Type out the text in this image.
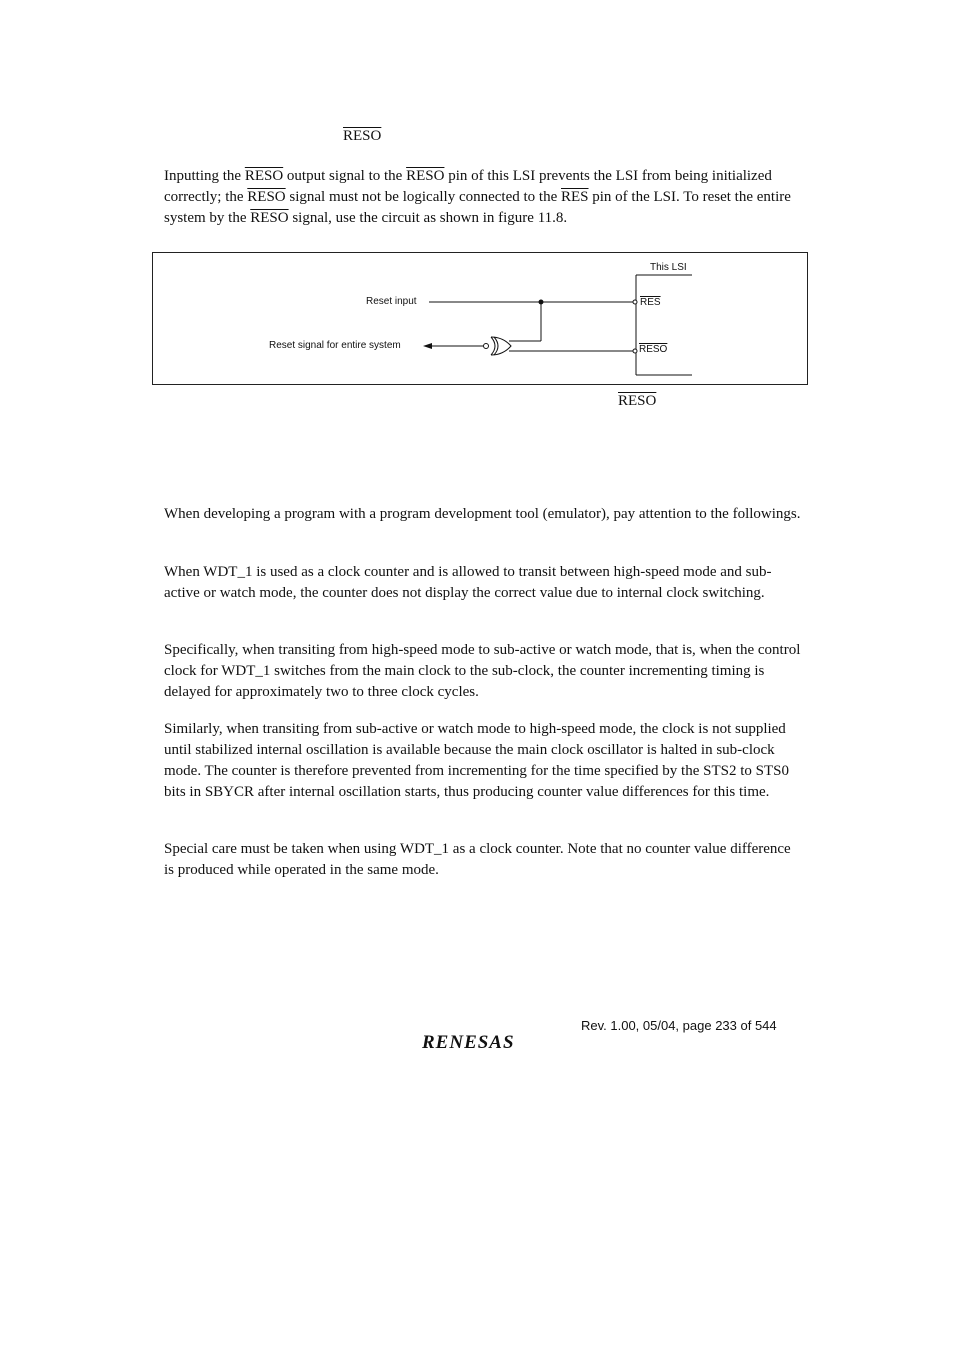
RESO

Inputting the RESO output signal to the RESO pin of this LSI prevents the LSI from being initialized correctly; the RESO signal must not be logically connected to the $\overline{RES}$ pin of the LSI. To reset the entire system by the RESO signal, use the circuit as shown in figure 11.8.

This LSI
Reset input
Reset signal for entire system
$\overline{RES}$
RESO
RESO

When developing a program with a program development tool (emulator), pay attention to the followings.

When WDT_1 is used as a clock counter and is allowed to transit between high-speed mode and sub-active or watch mode, the counter does not display the correct value due to internal clock switching.

Specifically, when transiting from high-speed mode to sub-active or watch mode, that is, when the control clock for WDT_1 switches from the main clock to the sub-clock, the counter incrementing timing is delayed for approximately two to three clock cycles.

Similarly, when transiting from sub-active or watch mode to high-speed mode, the clock is not supplied until stabilized internal oscillation is available because the main clock oscillator is halted in sub-clock mode. The counter is therefore prevented from incrementing for the time specified by the STS2 to STS0 bits in SBYCR after internal oscillation starts, thus producing counter value differences for this time.

Special care must be taken when using WDT_1 as a clock counter. Note that no counter value difference is produced while operated in the same mode.

Rev. 1.00, 05/04, page 233 of 544
RENESAS
